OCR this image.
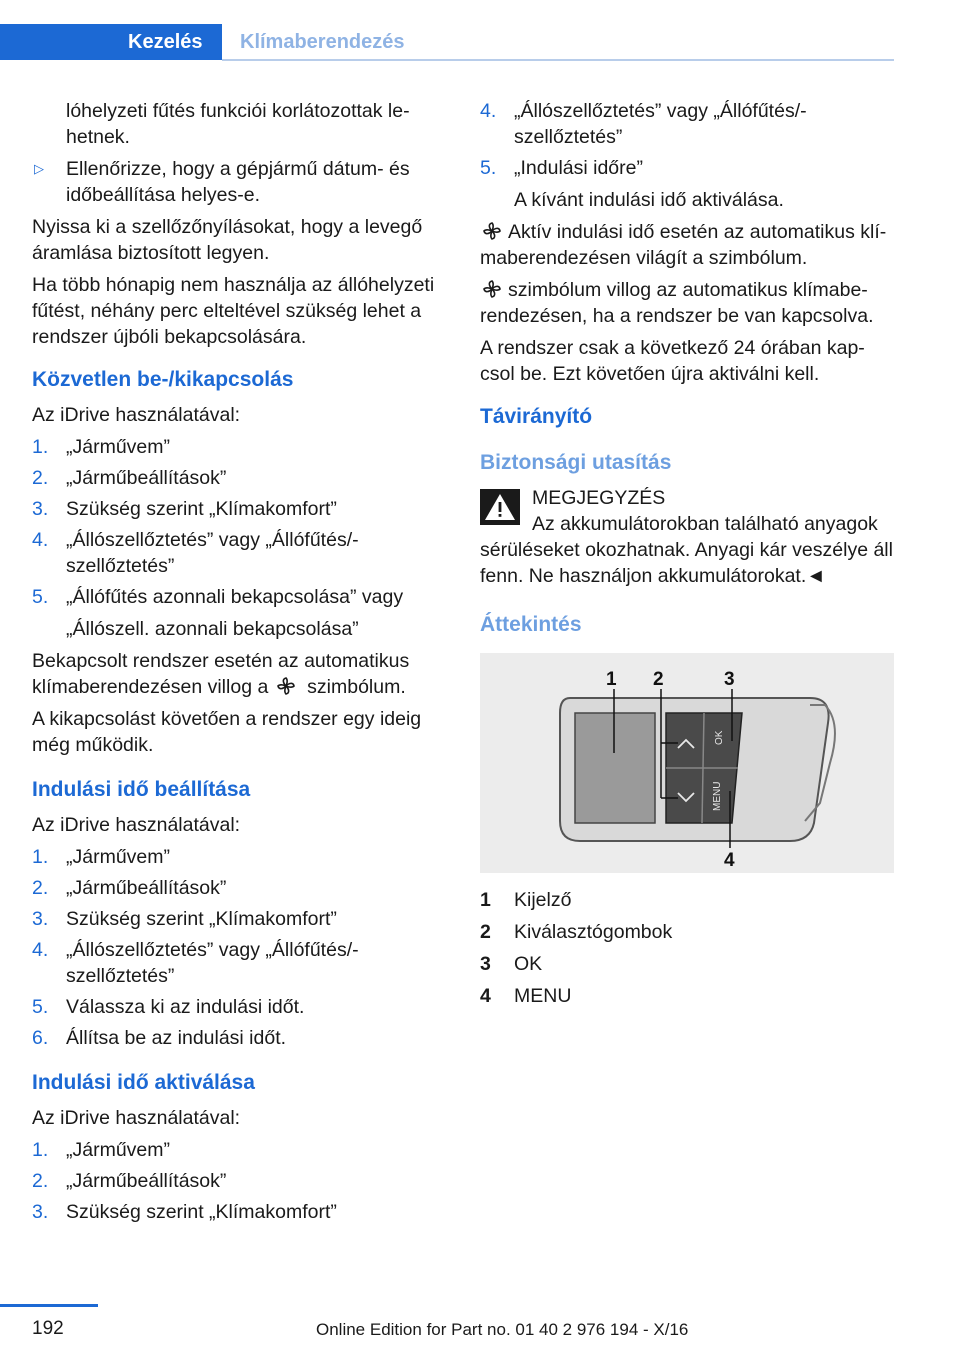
Kezelés	Klímaberendezés

lóhelyzeti fűtés funkciói korlátozottak le-hetnek.

▷ Ellenőrizze, hogy a gépjármű dátum- és időbeállítása helyes-e.

Nyissa ki a szellőzőnyílásokat, hogy a levegő áramlása biztosított legyen.

Ha több hónapig nem használja az állóhelyzeti fűtést, néhány perc elteltével szükség lehet a rendszer újbóli bekapcsolására.

Közvetlen be-/kikapcsolás

Az iDrive használatával:

1. „Járművem”
2. „Járműbeállítások”
3. Szükség szerint „Klímakomfort”
4. „Állószellőztetés” vagy „Állófűtés/-szellőztetés”
5. „Állófűtés azonnali bekapcsolása” vagy

„Állószell. azonnali bekapcsolása”

Bekapcsolt rendszer esetén az automatikus klímaberendezésen villog a szimbólum.

A kikapcsolást követően a rendszer egy ideig még működik.

Indulási idő beállítása

Az iDrive használatával:

1. „Járművem”
2. „Járműbeállítások”
3. Szükség szerint „Klímakomfort”
4. „Állószellőztetés” vagy „Állófűtés/-szellőztetés”
5. Válassza ki az indulási időt.
6. Állítsa be az indulási időt.
Indulási idő aktiválása

Az iDrive használatával:

1. „Járművem”
2. „Járműbeállítások”
3. Szükség szerint „Klímakomfort”
4. „Állószellőztetés” vagy „Állófűtés/-szellőztetés”
5. „Indulási időre”

A kívánt indulási idő aktiválása.

Aktív indulási idő esetén az automatikus klí-maberendezésen világít a szimbólum.

szimbólum villog az automatikus klímabe-rendezésen, ha a rendszer be van kapcsolva.

A rendszer csak a következő 24 órában kap-csol be. Ezt követően újra aktiválni kell.

Távirányító
Biztonsági utasítás
MEGJEGYZÉS

Az akkumulátorokban található anyagok sérüléseket okozhatnak. Anyagi kár veszélye áll fenn. Ne használjon akkumulátorokat.◄

Áttekintés
OK
MENU
1 2	3
4
1	Kijelző
2	Kiválasztógombok
3	OK
4	MENU
192	Online Edition for Part no. 01 40 2 976 194 - X/16
